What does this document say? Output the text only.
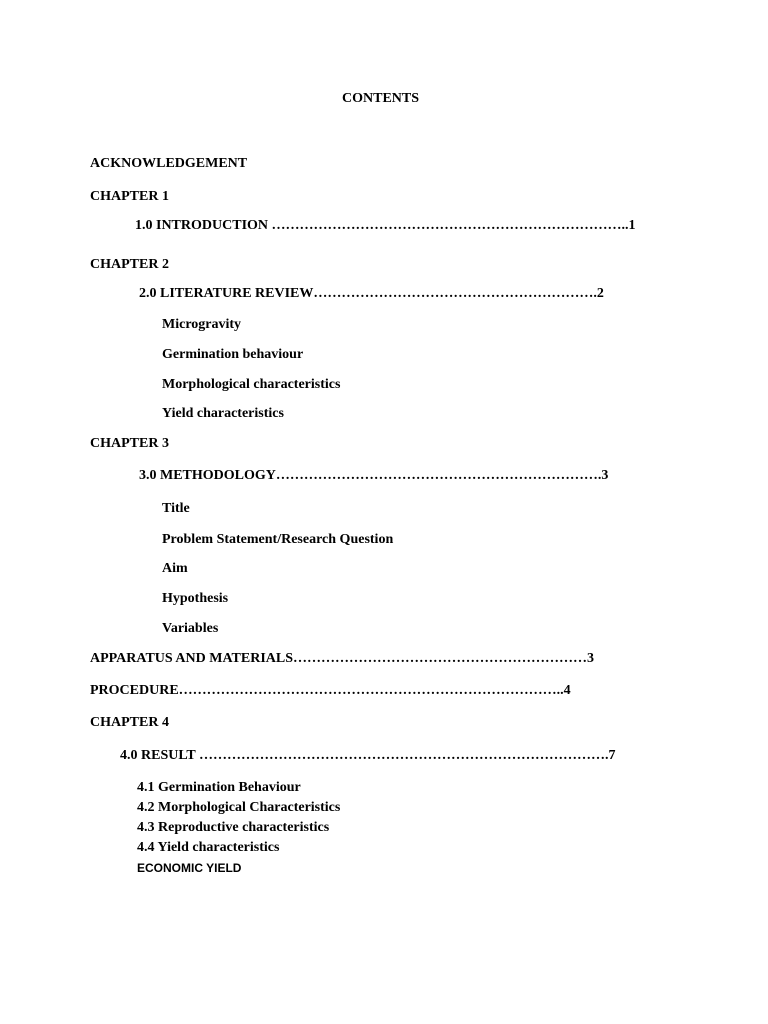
CONTENTS
ACKNOWLEDGEMENT
CHAPTER 1
1.0 INTRODUCTION …………………………………………………………………..1
CHAPTER 2
2.0 LITERATURE REVIEW…………………………………………………….2
Microgravity
Germination behaviour
Morphological characteristics
Yield characteristics
CHAPTER 3
3.0 METHODOLOGY…………………………………………………………….3
Title
Problem Statement/Research Question
Aim
Hypothesis
Variables
APPARATUS AND MATERIALS………………………………………………………3
PROCEDURE………………………………………………………………………..4
CHAPTER 4
4.0 RESULT …………………………………………………………………………….7
4.1 Germination Behaviour
4.2 Morphological Characteristics
4.3 Reproductive characteristics
4.4 Yield characteristics
ECONOMIC YIELD
